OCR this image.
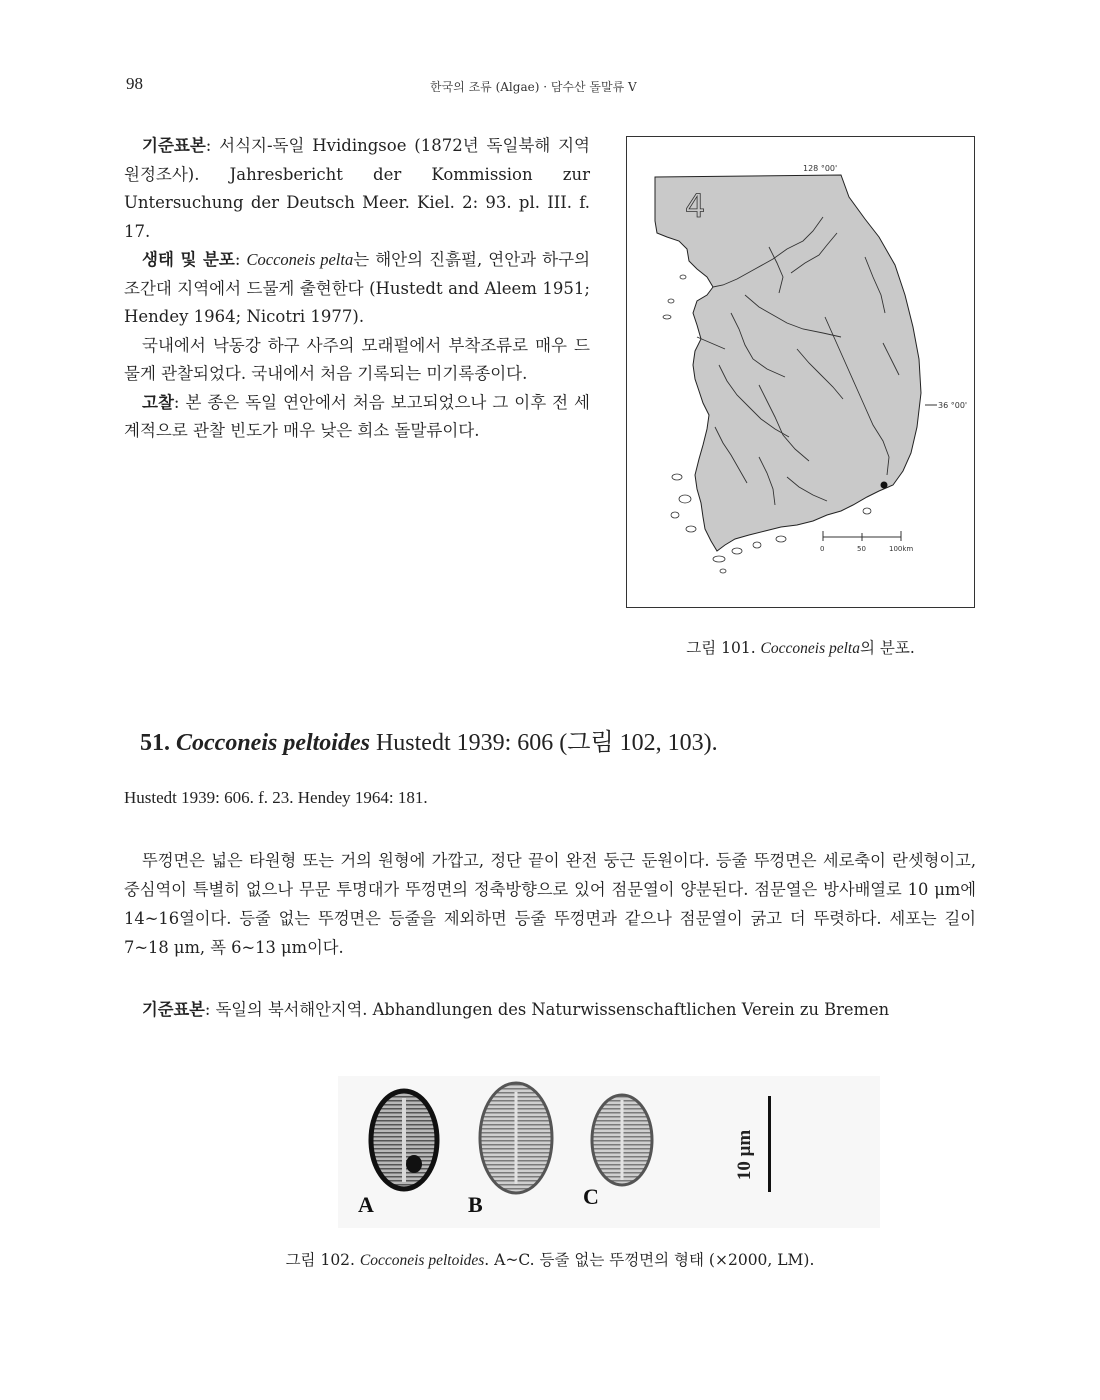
98	한국의 조류 (Algae) · 담수산 돌말류 V

기준표본: 서식지-독일 Hvidingsoe (1872년 독일북해 지역 원정조사). Jahresbericht der Kommission zur Untersuchung der Deutsch Meer. Kiel. 2: 93. pl. III. f. 17.

생태 및 분포: Cocconeis pelta는 해안의 진흙펄, 연안과 하구의 조간대 지역에서 드물게 출현한다 (Hustedt and Aleem 1951; Hendey 1964; Nicotri 1977).

국내에서 낙동강 하구 사주의 모래펄에서 부착조류로 매우 드물게 관찰되었다. 국내에서 처음 기록되는 미기록종이다.

고찰: 본 종은 독일 연안에서 처음 보고되었으나 그 이후 전 세계적으로 관찰 빈도가 매우 낮은 희소 돌말류이다.

128 °00'
36 °00'
4
0	50	100km
그림 101. Cocconeis pelta의 분포.
51. Cocconeis peltoides Hustedt 1939: 606 (그림 102, 103).
Hustedt 1939: 606. f. 23. Hendey 1964: 181.

뚜껑면은 넓은 타원형 또는 거의 원형에 가깝고, 정단 끝이 완전 둥근 둔원이다. 등줄 뚜껑면은 세로축이 란셋형이고, 중심역이 특별히 없으나 무문 투명대가 뚜껑면의 정축방향으로 있어 점문열이 양분된다. 점문열은 방사배열로 10 μm에 14~16열이다. 등줄 없는 뚜껑면은 등줄을 제외하면 등줄 뚜껑면과 같으나 점문열이 굵고 더 뚜렷하다. 세포는 길이 7~18 μm, 폭 6~13 μm이다.

기준표본: 독일의 북서해안지역. Abhandlungen des Naturwissenschaftlichen Verein zu Bremen
A	B	C
10 μm
그림 102. Cocconeis peltoides. A~C. 등줄 없는 뚜껑면의 형태 (×2000, LM).
